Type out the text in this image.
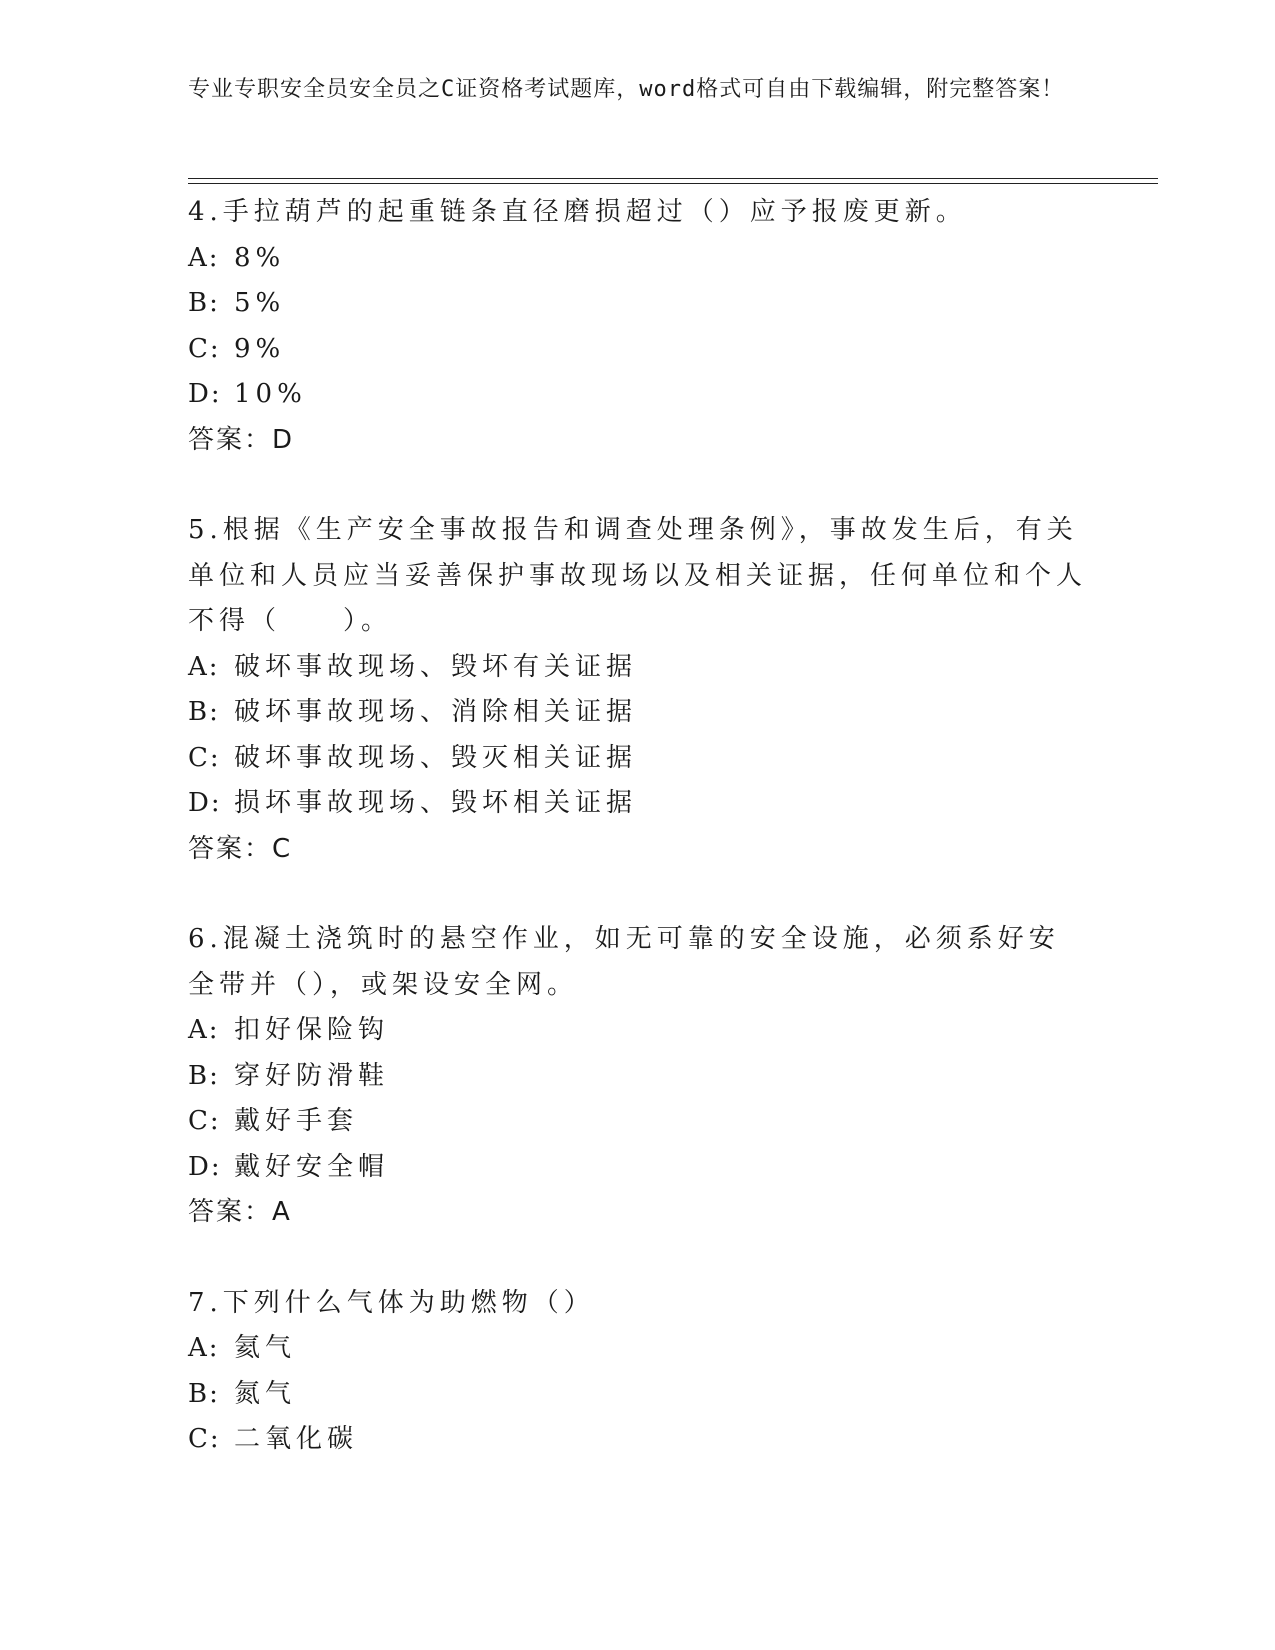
专业专职安全员安全员之C证资格考试题库，word格式可自由下载编辑，附完整答案！

4.手拉葫芦的起重链条直径磨损超过（）应予报废更新。

A: 8%

B: 5%

C: 9%

D: 10%

答案：D

5.根据《生产安全事故报告和调查处理条例》，事故发生后，有关单位和人员应当妥善保护事故现场以及相关证据，任何单位和个人不得（　　）。

A: 破坏事故现场、毁坏有关证据

B: 破坏事故现场、消除相关证据

C: 破坏事故现场、毁灭相关证据

D: 损坏事故现场、毁坏相关证据

答案：C

6.混凝土浇筑时的悬空作业，如无可靠的安全设施，必须系好安全带并（），或架设安全网。

A: 扣好保险钩

B: 穿好防滑鞋

C: 戴好手套

D: 戴好安全帽

答案：A

7.下列什么气体为助燃物（）

A: 氦气

B: 氮气

C: 二氧化碳
